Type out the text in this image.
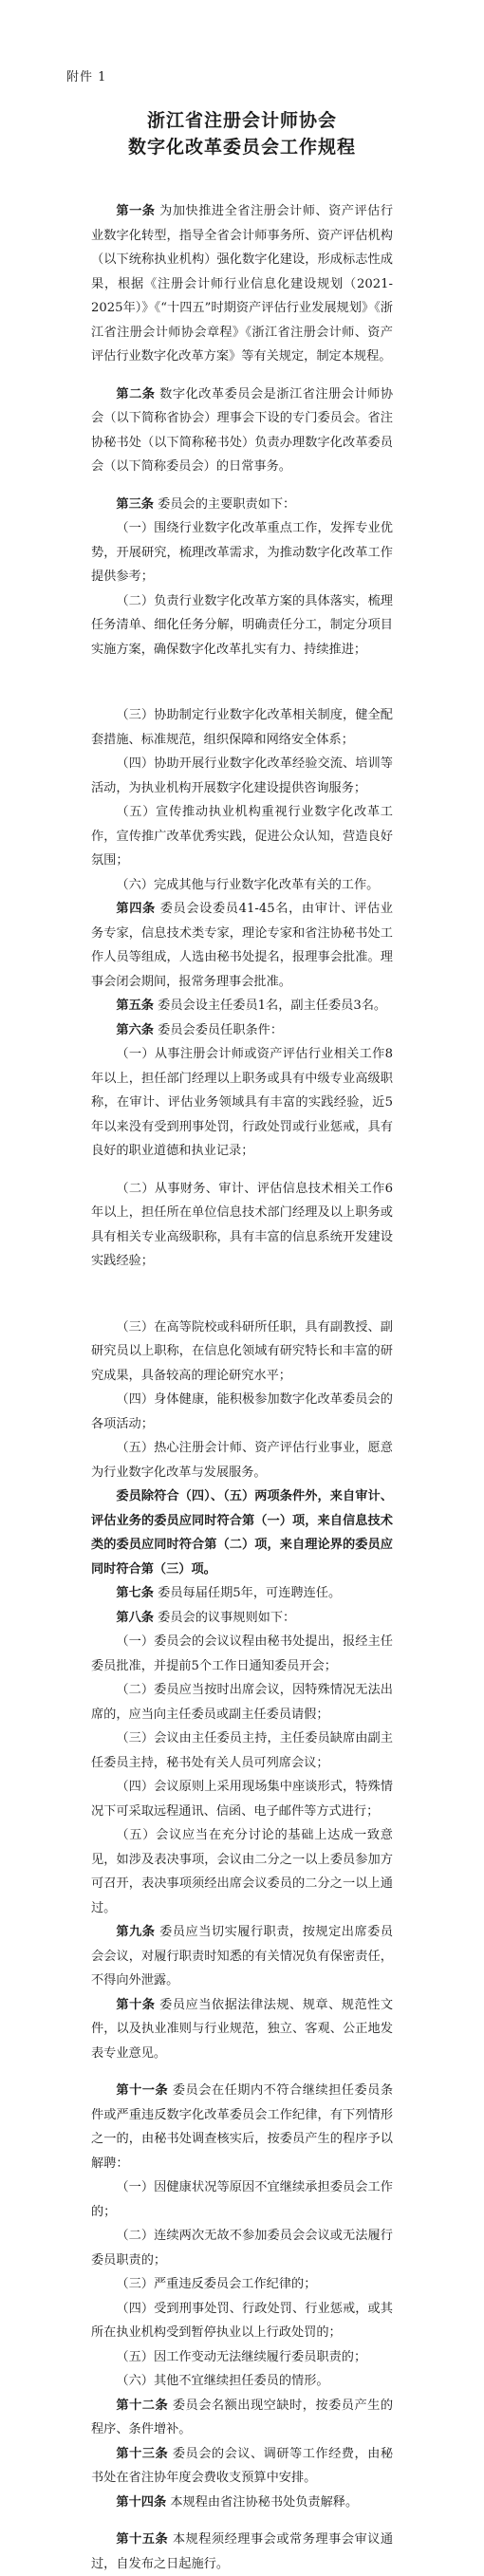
附件 1
浙江省注册会计师协会
数字化改革委员会工作规程

第一条 为加快推进全省注册会计师、资产评估行业数字化转型，指导全省会计师事务所、资产评估机构（以下统称执业机构）强化数字化建设，形成标志性成果，根据《注册会计师行业信息化建设规划（2021-2025年）》《“十四五”时期资产评估行业发展规划》《浙江省注册会计师协会章程》《浙江省注册会计师、资产评估行业数字化改革方案》等有关规定，制定本规程。

第二条 数字化改革委员会是浙江省注册会计师协会（以下简称省协会）理事会下设的专门委员会。省注协秘书处（以下简称秘书处）负责办理数字化改革委员会（以下简称委员会）的日常事务。

第三条 委员会的主要职责如下：

（一）围绕行业数字化改革重点工作，发挥专业优势，开展研究，梳理改革需求，为推动数字化改革工作提供参考；

（二）负责行业数字化改革方案的具体落实，梳理任务清单、细化任务分解，明确责任分工，制定分项目实施方案，确保数字化改革扎实有力、持续推进；

（三）协助制定行业数字化改革相关制度，健全配套措施、标准规范，组织保障和网络安全体系；

（四）协助开展行业数字化改革经验交流、培训等活动，为执业机构开展数字化建设提供咨询服务；

（五）宣传推动执业机构重视行业数字化改革工作，宣传推广改革优秀实践，促进公众认知，营造良好氛围；

（六）完成其他与行业数字化改革有关的工作。

第四条 委员会设委员41-45名，由审计、评估业务专家，信息技术类专家，理论专家和省注协秘书处工作人员等组成，人选由秘书处提名，报理事会批准。理事会闭会期间，报常务理事会批准。

第五条 委员会设主任委员1名，副主任委员3名。

第六条 委员会委员任职条件：

（一）从事注册会计师或资产评估行业相关工作8年以上，担任部门经理以上职务或具有中级专业高级职称，在审计、评估业务领域具有丰富的实践经验，近5年以来没有受到刑事处罚，行政处罚或行业惩戒，具有良好的职业道德和执业记录；

（二）从事财务、审计、评估信息技术相关工作6年以上，担任所在单位信息技术部门经理及以上职务或具有相关专业高级职称，具有丰富的信息系统开发建设实践经验；

（三）在高等院校或科研所任职，具有副教授、副研究员以上职称，在信息化领域有研究特长和丰富的研究成果，具备较高的理论研究水平；

（四）身体健康，能积极参加数字化改革委员会的各项活动；

（五）热心注册会计师、资产评估行业事业，愿意为行业数字化改革与发展服务。

委员除符合（四）、（五）两项条件外，来自审计、评估业务的委员应同时符合第（一）项，来自信息技术类的委员应同时符合第（二）项，来自理论界的委员应同时符合第（三）项。

第七条 委员每届任期5年，可连聘连任。

第八条 委员会的议事规则如下：

（一）委员会的会议议程由秘书处提出，报经主任委员批准，并提前5个工作日通知委员开会；

（二）委员应当按时出席会议，因特殊情况无法出席的，应当向主任委员或副主任委员请假；

（三）会议由主任委员主持，主任委员缺席由副主任委员主持，秘书处有关人员可列席会议；

（四）会议原则上采用现场集中座谈形式，特殊情况下可采取远程通讯、信函、电子邮件等方式进行；

（五）会议应当在充分讨论的基础上达成一致意见，如涉及表决事项，会议由二分之一以上委员参加方可召开，表决事项须经出席会议委员的二分之一以上通过。

第九条 委员应当切实履行职责，按规定出席委员会会议，对履行职责时知悉的有关情况负有保密责任，不得向外泄露。

第十条 委员应当依据法律法规、规章、规范性文件，以及执业准则与行业规范，独立、客观、公正地发表专业意见。

第十一条 委员会在任期内不符合继续担任委员条件或严重违反数字化改革委员会工作纪律，有下列情形之一的，由秘书处调查核实后，按委员产生的程序予以解聘：

（一）因健康状况等原因不宜继续承担委员会工作的；

（二）连续两次无故不参加委员会会议或无法履行委员职责的；

（三）严重违反委员会工作纪律的；

（四）受到刑事处罚、行政处罚、行业惩戒，或其所在执业机构受到暂停执业以上行政处罚的；

（五）因工作变动无法继续履行委员职责的；

（六）其他不宜继续担任委员的情形。

第十二条 委员会名额出现空缺时，按委员产生的程序、条件增补。

第十三条 委员会的会议、调研等工作经费，由秘书处在省注协年度会费收支预算中安排。

第十四条 本规程由省注协秘书处负责解释。

第十五条 本规程须经理事会或常务理事会审议通过，自发布之日起施行。
